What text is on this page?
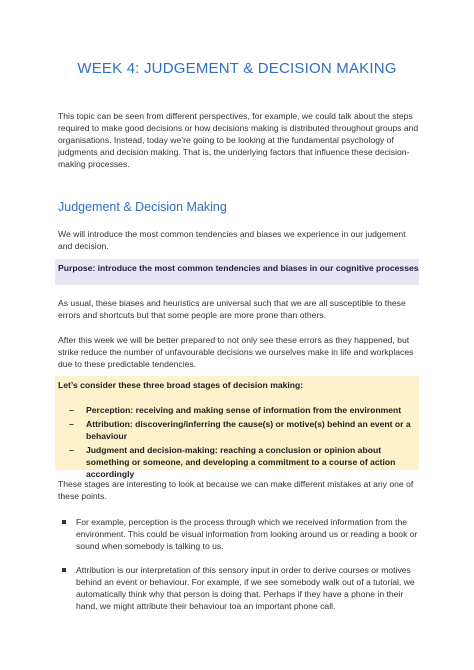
WEEK 4: JUDGEMENT & DECISION MAKING

This topic can be seen from different perspectives, for example, we could talk about the steps required to make good decisions or how decisions making is distributed throughout groups and organisations. Instead, today we’re going to be looking at the fundamental psychology of judgments and decision making. That is, the underlying factors that influence these decision-making processes.

Judgement & Decision Making

We will introduce the most common tendencies and biases we experience in our judgement and decision.

Purpose: introduce the most common tendencies and biases in our cognitive processes

As usual, these biases and heuristics are universal such that we are all susceptible to these errors and shortcuts but that some people are more prone than others.

After this week we will be better prepared to not only see these errors as they happened, but strike reduce the number of unfavourable decisions we ourselves make in life and workplaces due to these predictable tendencies.

Let’s consider these three broad stages of decision making:
–	Perception: receiving and making sense of information from the environment
–	Attribution: discovering/inferring the cause(s) or motive(s) behind an event or a behaviour
–	Judgment and decision-making: reaching a conclusion or opinion about something or someone, and developing a commitment to a course of action accordingly

These stages are interesting to look at because we can make different mistakes at any one of these points.

For example, perception is the process through which we received information from the environment. This could be visual information from looking around us or reading a book or sound when somebody is talking to us.
Attribution is our interpretation of this sensory input in order to derive courses or motives behind an event or behaviour. For example, if we see somebody walk out of a tutorial, we automatically think why that person is doing that. Perhaps if they have a phone in their hand, we might attribute their behaviour toa an important phone call.
